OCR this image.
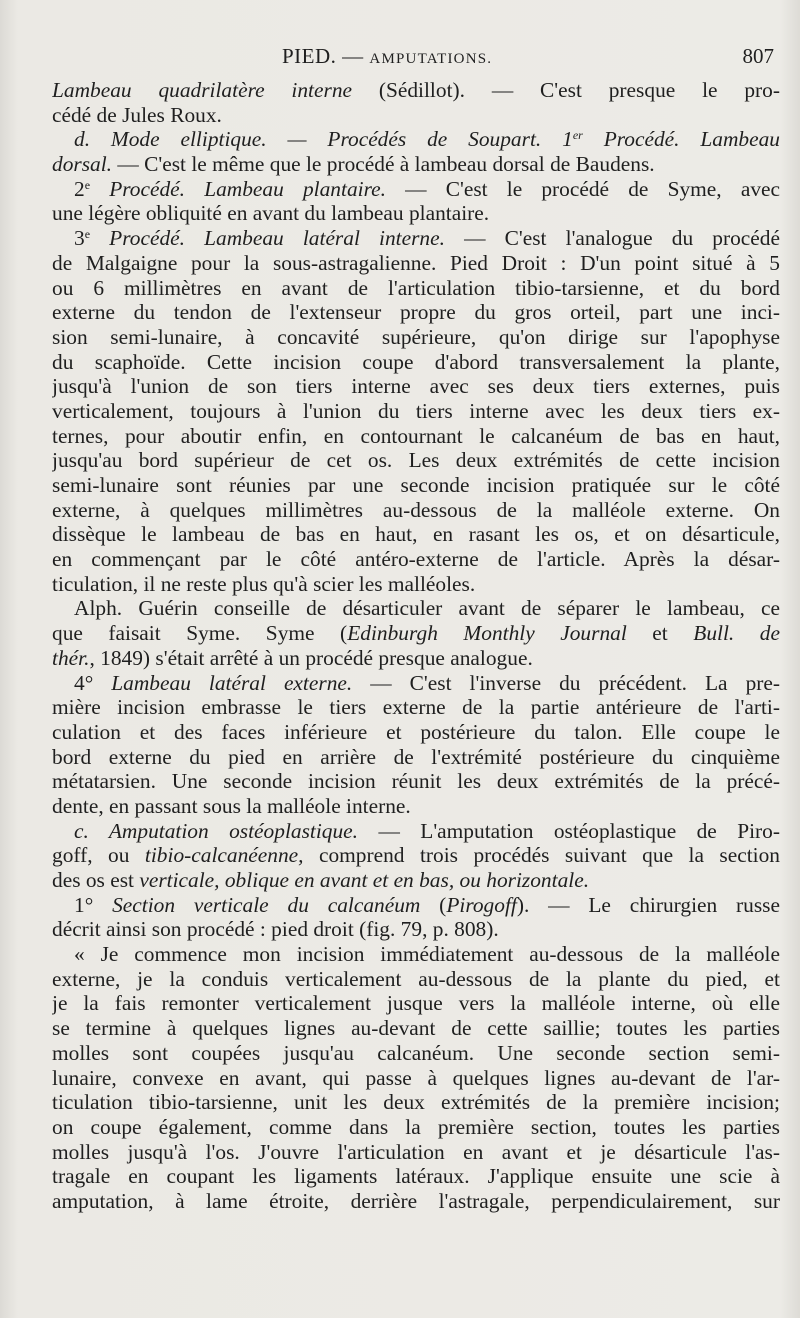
PIED. — AMPUTATIONS.	807
Lambeau quadrilatère interne (Sédillot). — C'est presque le pro-
cédé de Jules Roux.
d. Mode elliptique. — Procédés de Soupart. 1er Procédé. Lambeau
dorsal. — C'est le même que le procédé à lambeau dorsal de Baudens.
2e Procédé. Lambeau plantaire. — C'est le procédé de Syme, avec
une légère obliquité en avant du lambeau plantaire.
3e Procédé. Lambeau latéral interne. — C'est l'analogue du procédé
de Malgaigne pour la sous-astragalienne. Pied Droit : D'un point situé à 5
ou 6 millimètres en avant de l'articulation tibio-tarsienne, et du bord
externe du tendon de l'extenseur propre du gros orteil, part une inci-
sion semi-lunaire, à concavité supérieure, qu'on dirige sur l'apophyse
du scaphoïde. Cette incision coupe d'abord transversalement la plante,
jusqu'à l'union de son tiers interne avec ses deux tiers externes, puis
verticalement, toujours à l'union du tiers interne avec les deux tiers ex-
ternes, pour aboutir enfin, en contournant le calcanéum de bas en haut,
jusqu'au bord supérieur de cet os. Les deux extrémités de cette incision
semi-lunaire sont réunies par une seconde incision pratiquée sur le côté
externe, à quelques millimètres au-dessous de la malléole externe. On
dissèque le lambeau de bas en haut, en rasant les os, et on désarticule,
en commençant par le côté antéro-externe de l'article. Après la désar-
ticulation, il ne reste plus qu'à scier les malléoles.
Alph. Guérin conseille de désarticuler avant de séparer le lambeau, ce
que faisait Syme. Syme (Edinburgh Monthly Journal et Bull. de
thér., 1849) s'était arrêté à un procédé presque analogue.
4° Lambeau latéral externe. — C'est l'inverse du précédent. La pre-
mière incision embrasse le tiers externe de la partie antérieure de l'arti-
culation et des faces inférieure et postérieure du talon. Elle coupe le
bord externe du pied en arrière de l'extrémité postérieure du cinquième
métatarsien. Une seconde incision réunit les deux extrémités de la précé-
dente, en passant sous la malléole interne.
c. Amputation ostéoplastique. — L'amputation ostéoplastique de Piro-
goff, ou tibio-calcanéenne, comprend trois procédés suivant que la section
des os est verticale, oblique en avant et en bas, ou horizontale.
1° Section verticale du calcanéum (Pirogoff). — Le chirurgien russe
décrit ainsi son procédé : pied droit (fig. 79, p. 808).
« Je commence mon incision immédiatement au-dessous de la malléole
externe, je la conduis verticalement au-dessous de la plante du pied, et
je la fais remonter verticalement jusque vers la malléole interne, où elle
se termine à quelques lignes au-devant de cette saillie; toutes les parties
molles sont coupées jusqu'au calcanéum. Une seconde section semi-
lunaire, convexe en avant, qui passe à quelques lignes au-devant de l'ar-
ticulation tibio-tarsienne, unit les deux extrémités de la première incision;
on coupe également, comme dans la première section, toutes les parties
molles jusqu'à l'os. J'ouvre l'articulation en avant et je désarticule l'as-
tragale en coupant les ligaments latéraux. J'applique ensuite une scie à
amputation, à lame étroite, derrière l'astragale, perpendiculairement, sur
